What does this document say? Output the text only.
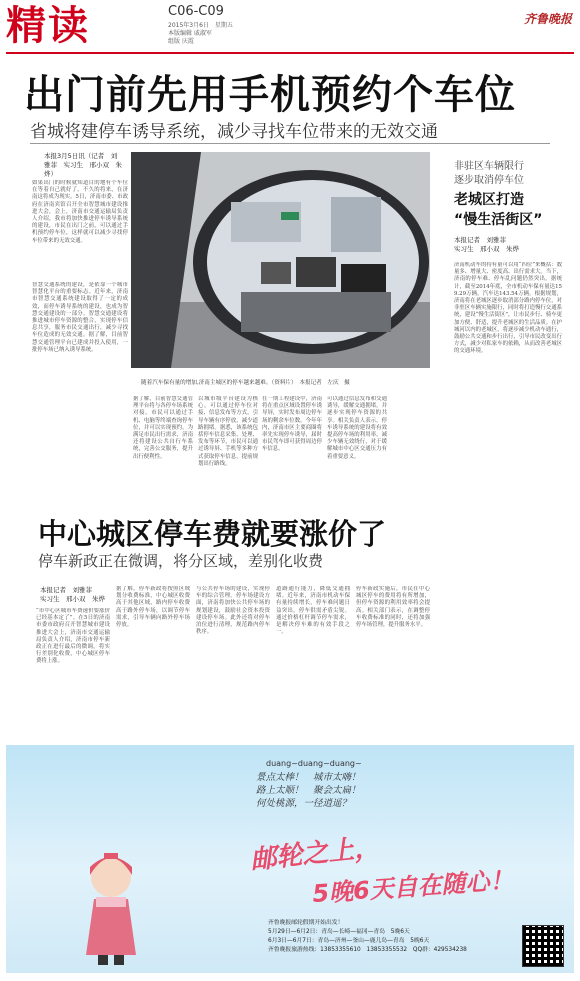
精读	C06-C09
2015年3月6日　星期五
本版编辑 戚淑军
组版 庆霞
齐鲁晚报
出门前先用手机预约个车位
省城将建停车诱导系统，减少寻找车位带来的无效交通
本报3月5日讯（记者　刘
雅菲　实习生　邢小双　朱
烨）
如果出门的时候就知道目的地有个车位在等着自己就好了。不久的将来，在济南这将成为现实。5日，济南市委、市政府在济南宾馆召开全市智慧城市建设推进大会，会上，济南市交通运输局负责人介绍，我市将加快推进停车诱导系统的建设，市民在出门之前，可以通过手机预约停车位，这样就可以减少寻找停车位带来的无效交通。
智慧交通系统的建设，是依靠一个城市智慧化平台的重要标志。近年来，济南市智慧交通系统建设取得了一定的成效，而停车诱导系统的建设，也成为智慧交通建设的一部分。智慧交通建设将推进城市停车资源的整合，实现停车信息共享，服务市民交通出行，减少寻找车位造成的无效交通。据了解，目前智慧交通管理平台已建成并投入使用，一批停车场已纳入诱导系统。
随着汽车保有量的增加,济南主城区的停车越来越难。（资料片）　本报记者　左庆　摄
据了解，目前智慧交通管理平台将与各停车场系统对接，市民可以通过手机、电脑等终端查询停车位，并可以实现预约。为满足市民出行需求，济南还将建设公共自行车系统，完善公交服务，提升出行便利性。
以城市级平台建设为核心，可以通过停车位对接、信息发布等方式，引导车辆有序停放，减少道路拥堵。据悉，该系统包括停车信息采集、处理、发布等环节，市民可以通过诱导屏、手机等多种方式获取停车信息，提前规划出行路线。
在一期工程建设中，济南将在重点区域设置停车诱导屏，实时发布周边停车场的剩余车位数。今年年内，济南市区主要商圈将率先实现停车诱导，届时市民驾车即可获得周边停车信息。
可以通过信息发布和交通诱导，缓解交通拥堵，并逐步实现停车资源的共享。相关负责人表示，停车诱导系统的建设将有效提高停车场的利用率，减少车辆无效绕行，对于缓解城市中心区交通压力有着重要意义。
非驻区车辆限行
逐步取消停车位
老城区打造
“慢生活街区”
本报记者　刘雅菲
实习生　邢小双　朱烨
济南机动车的持有量可以用“四位”来概括：数量多、增量大、密度高、出行需求大。当下，济南的停车难、停车乱问题仍然突出。据统计，截至2014年底，全市机动车保有量达159.29万辆，汽车达143.54万辆。根据规划，济南将在老城区逐步取消部分路内停车位，对非驻区车辆实施限行，同时将打造慢行交通系统，建设“慢生活街区”，让市民步行、骑车更加方便、舒适，提升老城区的生活品质。在护城河以内的老城区，将逐步减少机动车通行，鼓励公共交通和步行出行，引导市民改变出行方式，减少对私家车的依赖，从而改善老城区的交通环境。
中心城区停车费就要涨价了
停车新政正在微调，将分区域，差别化收费
本报记者　刘雅菲
实习生　邢小双　朱烨
“市中心区城市车费速价要涨价已经基本定了”。在5日的济南市委市政府召开智慧城市建设推进大会上，济南市交通运输局负责人介绍，济南市停车新政正在进行最后的微调，将实行差别化收费，中心城区停车费将上涨。
据了解，停车新政将按照区域划分收费标准，中心城区收费高于其他区域，路内停车收费高于路外停车场，以调节停车需求，引导车辆向路外停车场停放。
与公共停车场的建设，实现停车的综合管理。停车场建设方面，济南将加快公共停车场的规划建设，鼓励社会资本投资建设停车场。此外还将对停车泊位进行清理，规范路内停车秩序。
道路通行能力，降低交通拥堵。近年来，济南市机动车保有量持续增长，停车难问题日益突出，停车供需矛盾尖锐。通过价格杠杆调节停车需求，是解决停车难的有效手段之一。
停车新政实施后，市民在中心城区停车的费用将有所增加，但停车资源的利用效率将会提高。相关部门表示，在调整停车收费标准的同时，还将加强停车场管理，提升服务水平。
duang~duang~duang~
景点太棒！　城市太嗨！
路上太顺！　聚会太扁！
何处桃源，一径逍遥？
邮轮之上，
5晚6天自在随心！
齐鲁晚报邮轮假期开始出发！
5月29日—6月2日：青岛—长崎—福冈—青岛　5晚6天
6月3日—6月7日：青岛—济州—釜山—鹿儿岛—青岛　5晚6天
齐鲁晚报旅游热线：13853355610　13853355532　QQ群：429534238
